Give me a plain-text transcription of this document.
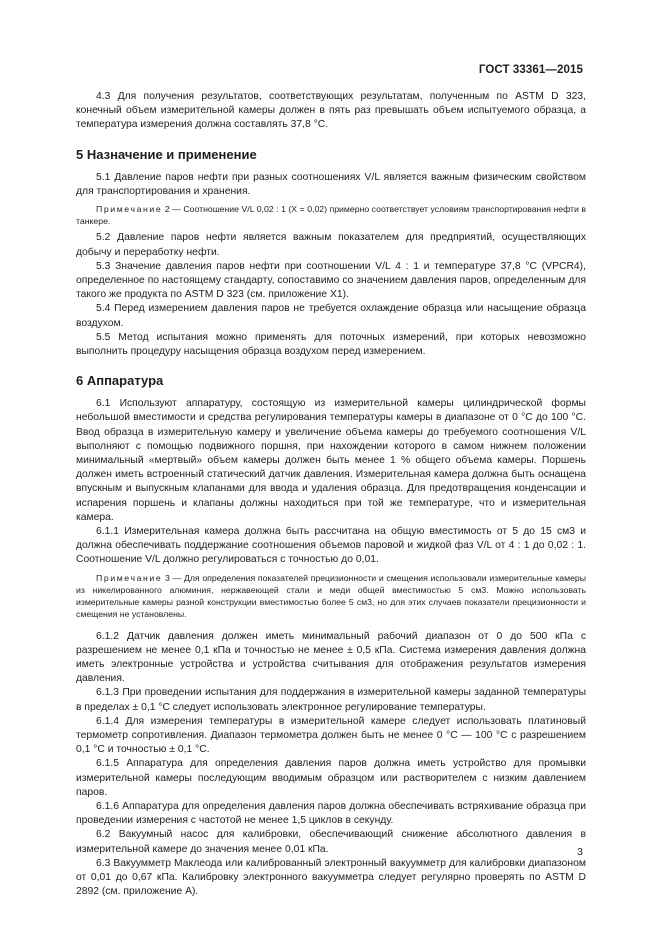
ГОСТ 33361—2015

4.3 Для получения результатов, соответствующих результатам, полученным по ASTM D 323, конечный объем измерительной камеры должен в пять раз превышать объем испытуемого образца, а температура измерения должна составлять 37,8 °С.

5 Назначение и применение

5.1 Давление паров нефти при разных соотношениях V/L является важным физическим свойством для транспортирования и хранения.

Примечание 2 — Соотношение V/L 0,02 : 1 (X = 0,02) примерно соответствует условиям транспортирования нефти в танкере.

5.2 Давление паров нефти является важным показателем для предприятий, осуществляющих добычу и переработку нефти.

5.3 Значение давления паров нефти при соотношении V/L 4 : 1 и температуре 37,8 °С (VPCR4), определенное по настоящему стандарту, сопоставимо со значением давления паров, определенным для такого же продукта по ASTM D 323 (см. приложение X1).

5.4 Перед измерением давления паров не требуется охлаждение образца или насыщение образца воздухом.

5.5 Метод испытания можно применять для поточных измерений, при которых невозможно выполнить процедуру насыщения образца воздухом перед измерением.

6 Аппаратура

6.1 Используют аппаратуру, состоящую из измерительной камеры цилиндрической формы небольшой вместимости и средства регулирования температуры камеры в диапазоне от 0 °С до 100 °С. Ввод образца в измерительную камеру и увеличение объема камеры до требуемого соотношения V/L выполняют с помощью подвижного поршня, при нахождении которого в самом нижнем положении минимальный «мертвый» объем камеры должен быть менее 1 % общего объема камеры. Поршень должен иметь встроенный статический датчик давления. Измерительная камера должна быть оснащена впускным и выпускным клапанами для ввода и удаления образца. Для предотвращения конденсации и испарения поршень и клапаны должны находиться при той же температуре, что и измерительная камера.

6.1.1 Измерительная камера должна быть рассчитана на общую вместимость от 5 до 15 см3 и должна обеспечивать поддержание соотношения объемов паровой и жидкой фаз V/L от 4 : 1 до 0,02 : 1. Соотношение V/L должно регулироваться с точностью до 0,01.

Примечание 3 — Для определения показателей прецизионности и смещения использовали измерительные камеры из никелированного алюминия, нержавеющей стали и меди общей вместимостью 5 см3. Можно использовать измерительные камеры разной конструкции вместимостью более 5 см3, но для этих случаев показатели прецизионности и смещения не установлены.

6.1.2 Датчик давления должен иметь минимальный рабочий диапазон от 0 до 500 кПа с разрешением не менее 0,1 кПа и точностью не менее ± 0,5 кПа. Система измерения давления должна иметь электронные устройства и устройства считывания для отображения результатов измерения давления.

6.1.3 При проведении испытания для поддержания в измерительной камеры заданной температуры в пределах ± 0,1 °С следует использовать электронное регулирование температуры.

6.1.4 Для измерения температуры в измерительной камере следует использовать платиновый термометр сопротивления. Диапазон термометра должен быть не менее 0 °С — 100 °С с разрешением 0,1 °С и точностью ± 0,1 °С.

6.1.5 Аппаратура для определения давления паров должна иметь устройство для промывки измерительной камеры последующим вводимым образцом или растворителем с низким давлением паров.

6.1.6 Аппаратура для определения давления паров должна обеспечивать встряхивание образца при проведении измерения с частотой не менее 1,5 циклов в секунду.

6.2 Вакуумный насос для калибровки, обеспечивающий снижение абсолютного давления в измерительной камере до значения менее 0,01 кПа.

6.3 Вакуумметр Маклеода или калиброванный электронный вакуумметр для калибровки диапазоном от 0,01 до 0,67 кПа. Калибровку электронного вакуумметра следует регулярно проверять по ASTM D 2892 (см. приложение А).

3
